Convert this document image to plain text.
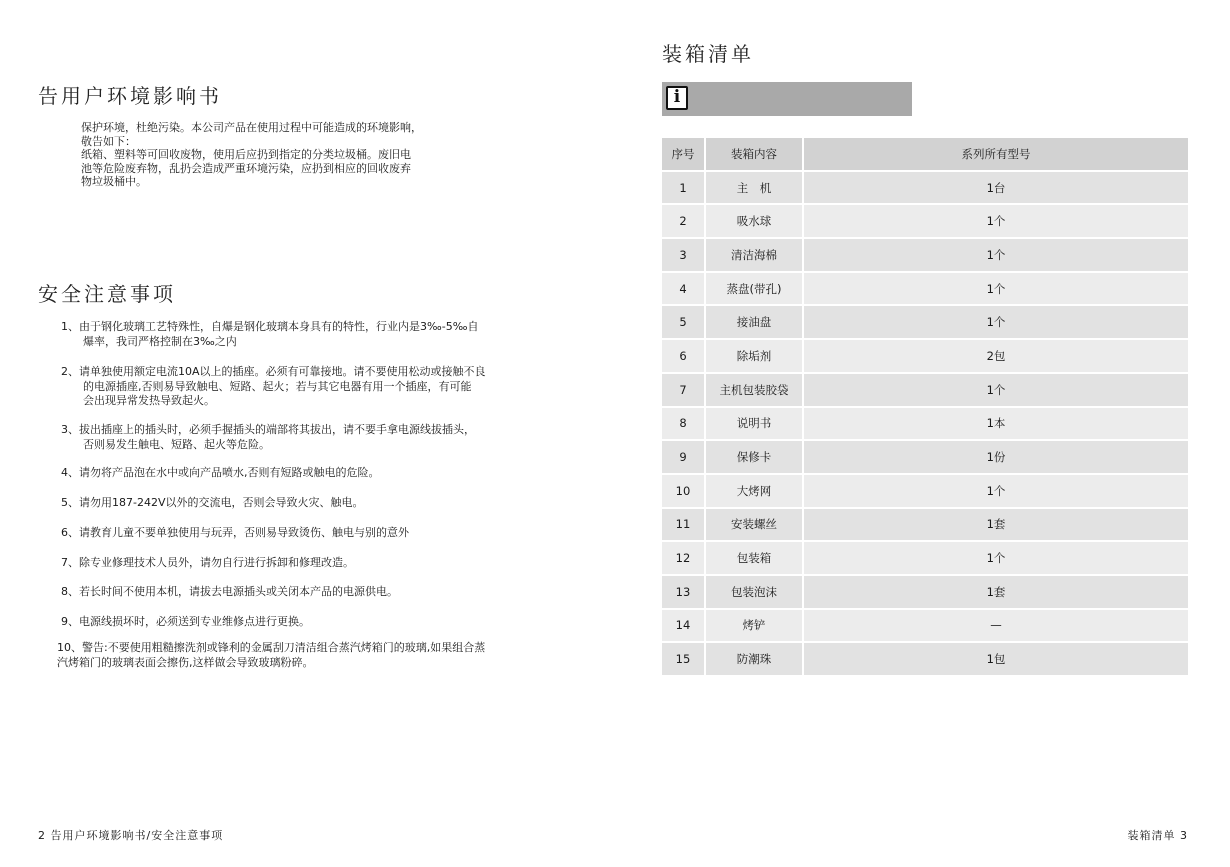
告用户环境影响书

保护环境，杜绝污染。本公司产品在使用过程中可能造成的环境影响，

敬告如下：

纸箱、塑料等可回收废物，使用后应扔到指定的分类垃圾桶。废旧电

池等危险废弃物，乱扔会造成严重环境污染，应扔到相应的回收废弃

物垃圾桶中。

安全注意事项

1、由于钢化玻璃工艺特殊性，自爆是钢化玻璃本身具有的特性，行业内是3‰-5‰自

爆率，我司严格控制在3‰之内

2、请单独使用额定电流10A以上的插座。必须有可靠接地。请不要使用松动或接触不良

的电源插座,否则易导致触电、短路、起火；若与其它电器有用一个插座，有可能

会出现异常发热导致起火。

3、拔出插座上的插头时，必须手握插头的端部将其拔出，请不要手拿电源线拔插头，

否则易发生触电、短路、起火等危险。

4、请勿将产品泡在水中或向产品喷水,否则有短路或触电的危险。

5、请勿用187-242V以外的交流电，否则会导致火灾、触电。

6、请教育儿童不要单独使用与玩弄，否则易导致烫伤、触电与别的意外

7、除专业修理技术人员外，请勿自行进行拆卸和修理改造。

8、若长时间不使用本机，请拔去电源插头或关闭本产品的电源供电。

9、电源线损坏时，必须送到专业维修点进行更换。

10、警告:不要使用粗糙擦洗剂或锋利的金属刮刀清洁组合蒸汽烤箱门的玻璃,如果组合蒸

汽烤箱门的玻璃表面会擦伤,这样做会导致玻璃粉碎。

2 告用户环境影响书/安全注意事项
装箱清单
i
序号	装箱内容	系列所有型号
1	主　机	1台
2	吸水球	1个
3	清洁海棉	1个
4	蒸盘(带孔)	1个
5	接油盘	1个
6	除垢剂	2包
7	主机包装胶袋	1个
8	说明书	1本
9	保修卡	1份
10	大烤网	1个
11	安装螺丝	1套
12	包装箱	1个
13	包装泡沫	1套
14	烤铲	—
15	防潮珠	1包
装箱清单 3
